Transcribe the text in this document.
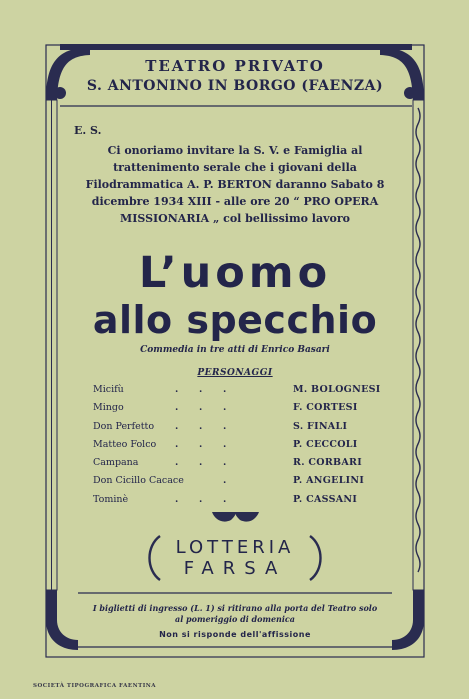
TEATRO PRIVATO
S. ANTONINO IN BORGO (FAENZA)
E. S.
Ci onoriamo invitare la S. V. e Famiglia al trattenimento serale che i giovani della Filodrammatica A. P. BERTON daranno Sabato 8 dicembre 1934 XIII - alle ore 20 “ PRO OPERA MISSIONARIA „ col bellissimo lavoro
L’uomo
allo specchio
Commedia in tre atti di Enrico Basari
PERSONAGGI
Micifù	. . .	M. BOLOGNESI
Mingo	. . .	F. CORTESI
Don Perfetto . . .	S. FINALI
Matteo Folco . . .	P. CECCOLI
Campana	. . .	R. CORBARI
Don Cicillo Cacace	.	P. ANGELINI
Tominè	. . .	P. CASSANI
LOTTERIA
FARSA
I biglietti di ingresso (L. 1) si ritirano alla porta del Teatro solo al pomeriggio di domenica
Non si risponde dell'affissione
SOCIETÀ TIPOGRAFICA FAENTINA
